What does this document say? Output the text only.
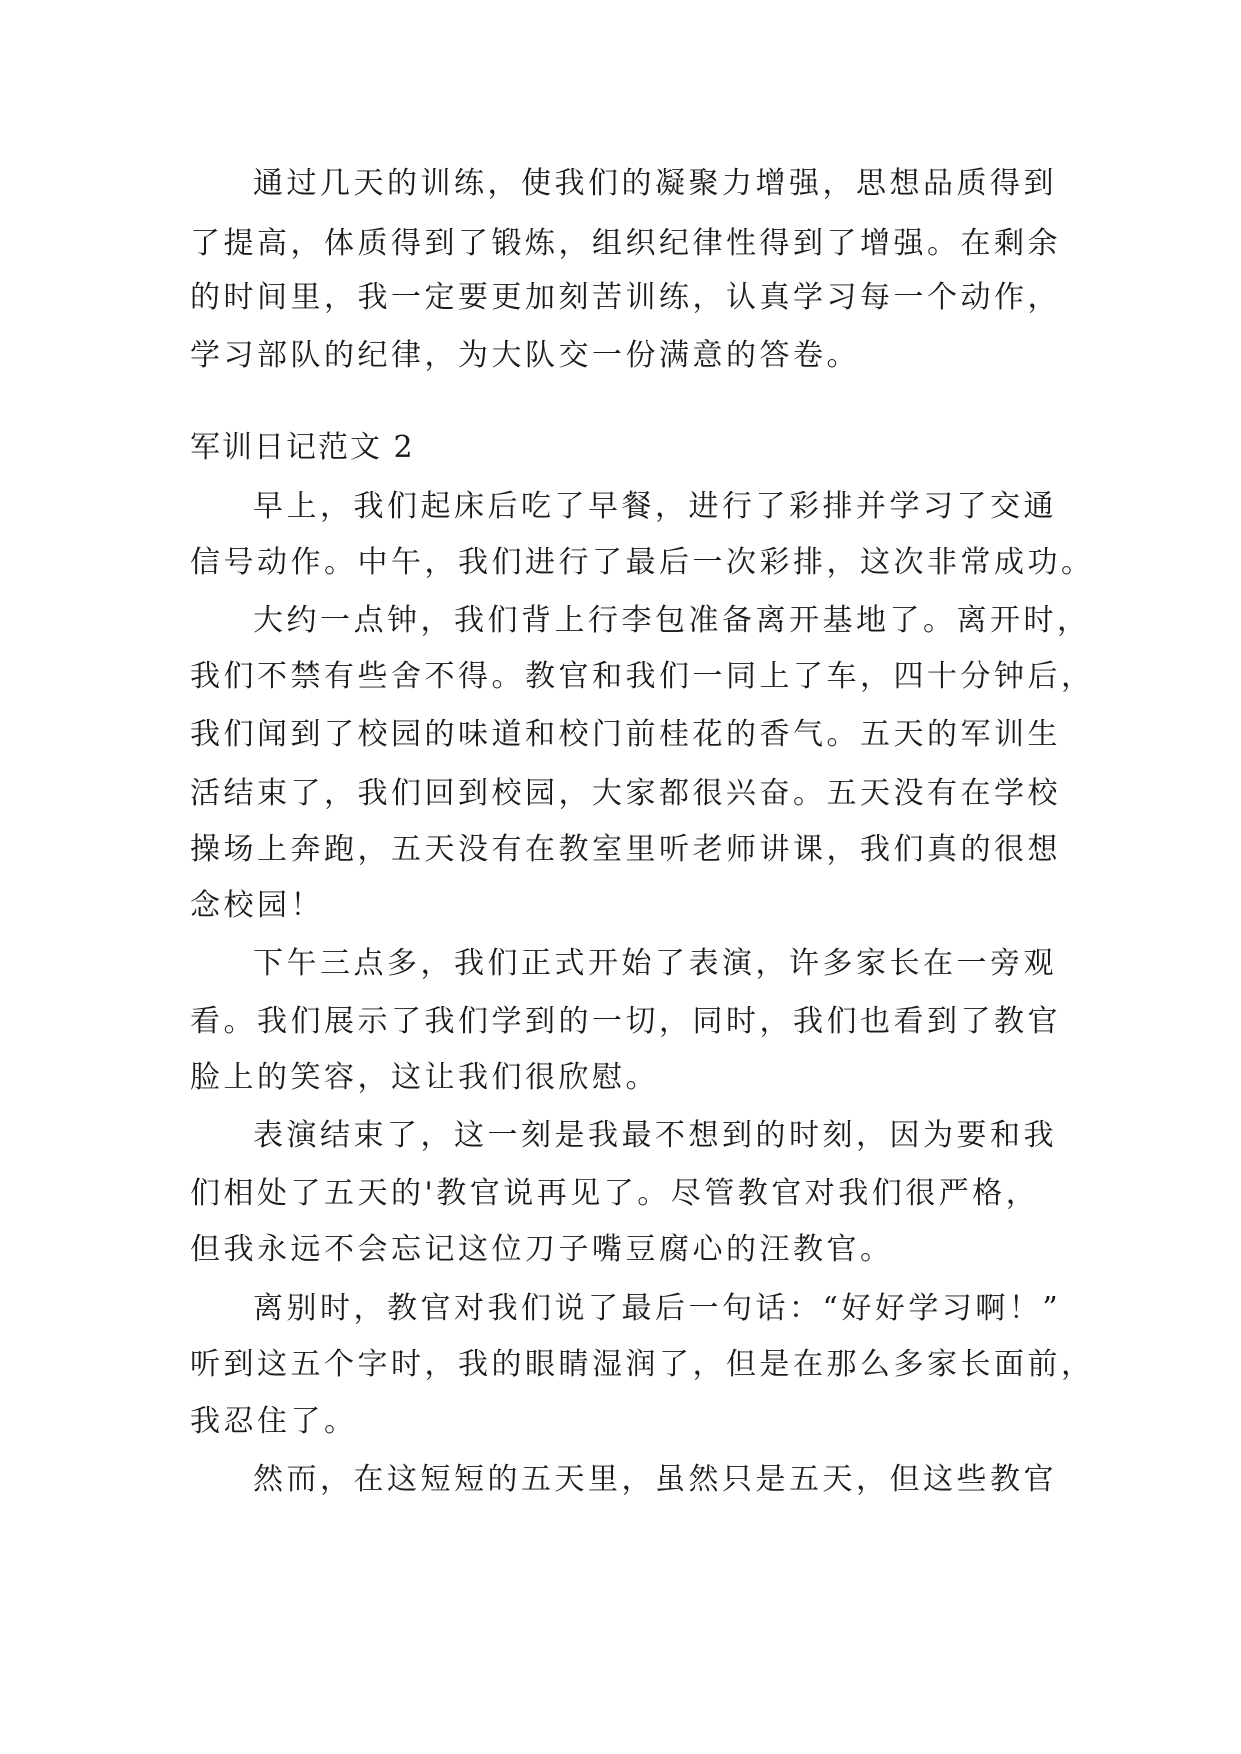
通过几天的训练，使我们的凝聚力增强，思想品质得到
了提高，体质得到了锻炼，组织纪律性得到了增强。在剩余
的时间里，我一定要更加刻苦训练，认真学习每一个动作，
学习部队的纪律，为大队交一份满意的答卷。
军训日记范文 2
早上，我们起床后吃了早餐，进行了彩排并学习了交通
信号动作。中午，我们进行了最后一次彩排，这次非常成功。
大约一点钟，我们背上行李包准备离开基地了。离开时，
我们不禁有些舍不得。教官和我们一同上了车，四十分钟后，
我们闻到了校园的味道和校门前桂花的香气。五天的军训生
活结束了，我们回到校园，大家都很兴奋。五天没有在学校
操场上奔跑，五天没有在教室里听老师讲课，我们真的很想
念校园！
下午三点多，我们正式开始了表演，许多家长在一旁观
看。我们展示了我们学到的一切，同时，我们也看到了教官
脸上的笑容，这让我们很欣慰。
表演结束了，这一刻是我最不想到的时刻，因为要和我
们相处了五天的'教官说再见了。尽管教官对我们很严格，
但我永远不会忘记这位刀子嘴豆腐心的汪教官。
离别时，教官对我们说了最后一句话：“好好学习啊！”
听到这五个字时，我的眼睛湿润了，但是在那么多家长面前，
我忍住了。
然而，在这短短的五天里，虽然只是五天，但这些教官
